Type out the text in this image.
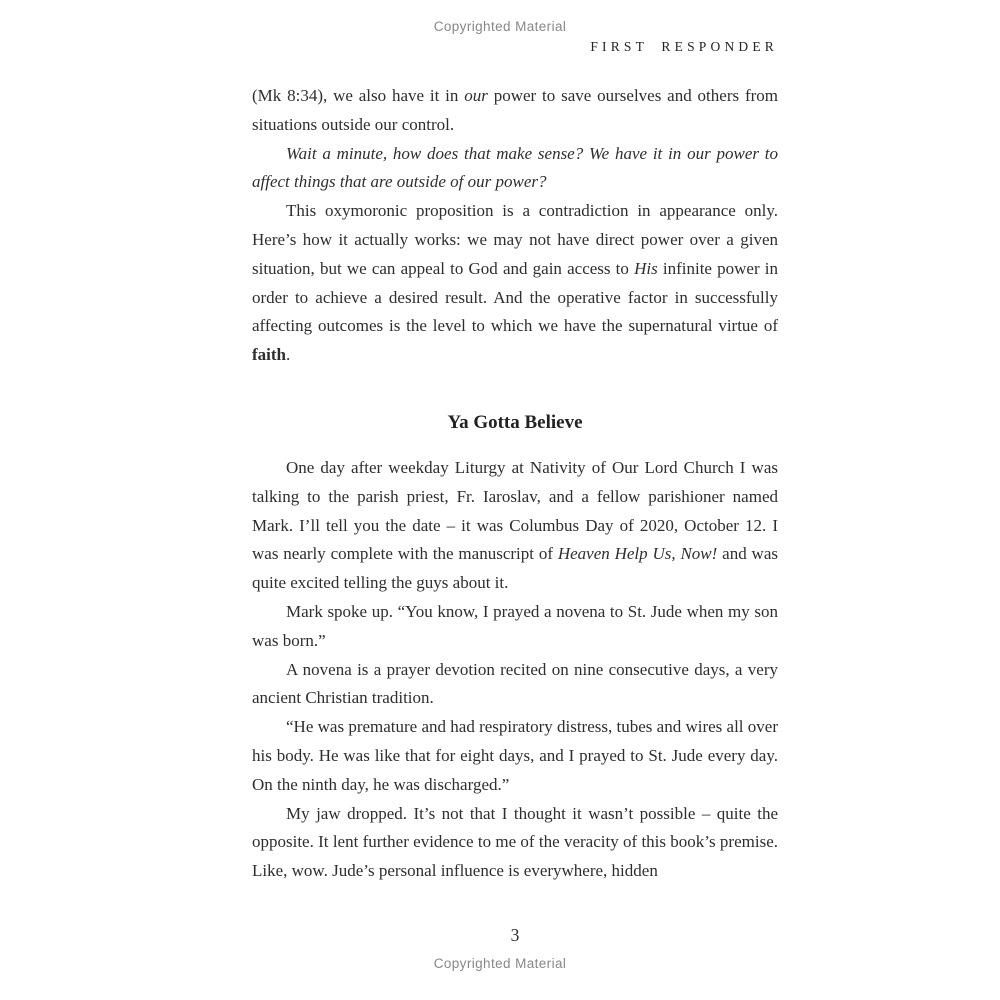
Copyrighted Material
FIRST RESPONDER

(Mk 8:34), we also have it in our power to save ourselves and others from situations outside our control.

Wait a minute, how does that make sense? We have it in our power to affect things that are outside of our power?

This oxymoronic proposition is a contradiction in appearance only. Here’s how it actually works: we may not have direct power over a given situation, but we can appeal to God and gain access to His infinite power in order to achieve a desired result. And the operative factor in successfully affecting outcomes is the level to which we have the supernatural virtue of faith.

Ya Gotta Believe

One day after weekday Liturgy at Nativity of Our Lord Church I was talking to the parish priest, Fr. Iaroslav, and a fellow parishioner named Mark. I’ll tell you the date – it was Columbus Day of 2020, October 12. I was nearly complete with the manuscript of Heaven Help Us, Now! and was quite excited telling the guys about it.

Mark spoke up. “You know, I prayed a novena to St. Jude when my son was born.”

A novena is a prayer devotion recited on nine consecutive days, a very ancient Christian tradition.

“He was premature and had respiratory distress, tubes and wires all over his body. He was like that for eight days, and I prayed to St. Jude every day. On the ninth day, he was discharged.”

My jaw dropped. It’s not that I thought it wasn’t possible – quite the opposite. It lent further evidence to me of the veracity of this book’s premise. Like, wow. Jude’s personal influence is everywhere, hidden

3
Copyrighted Material
